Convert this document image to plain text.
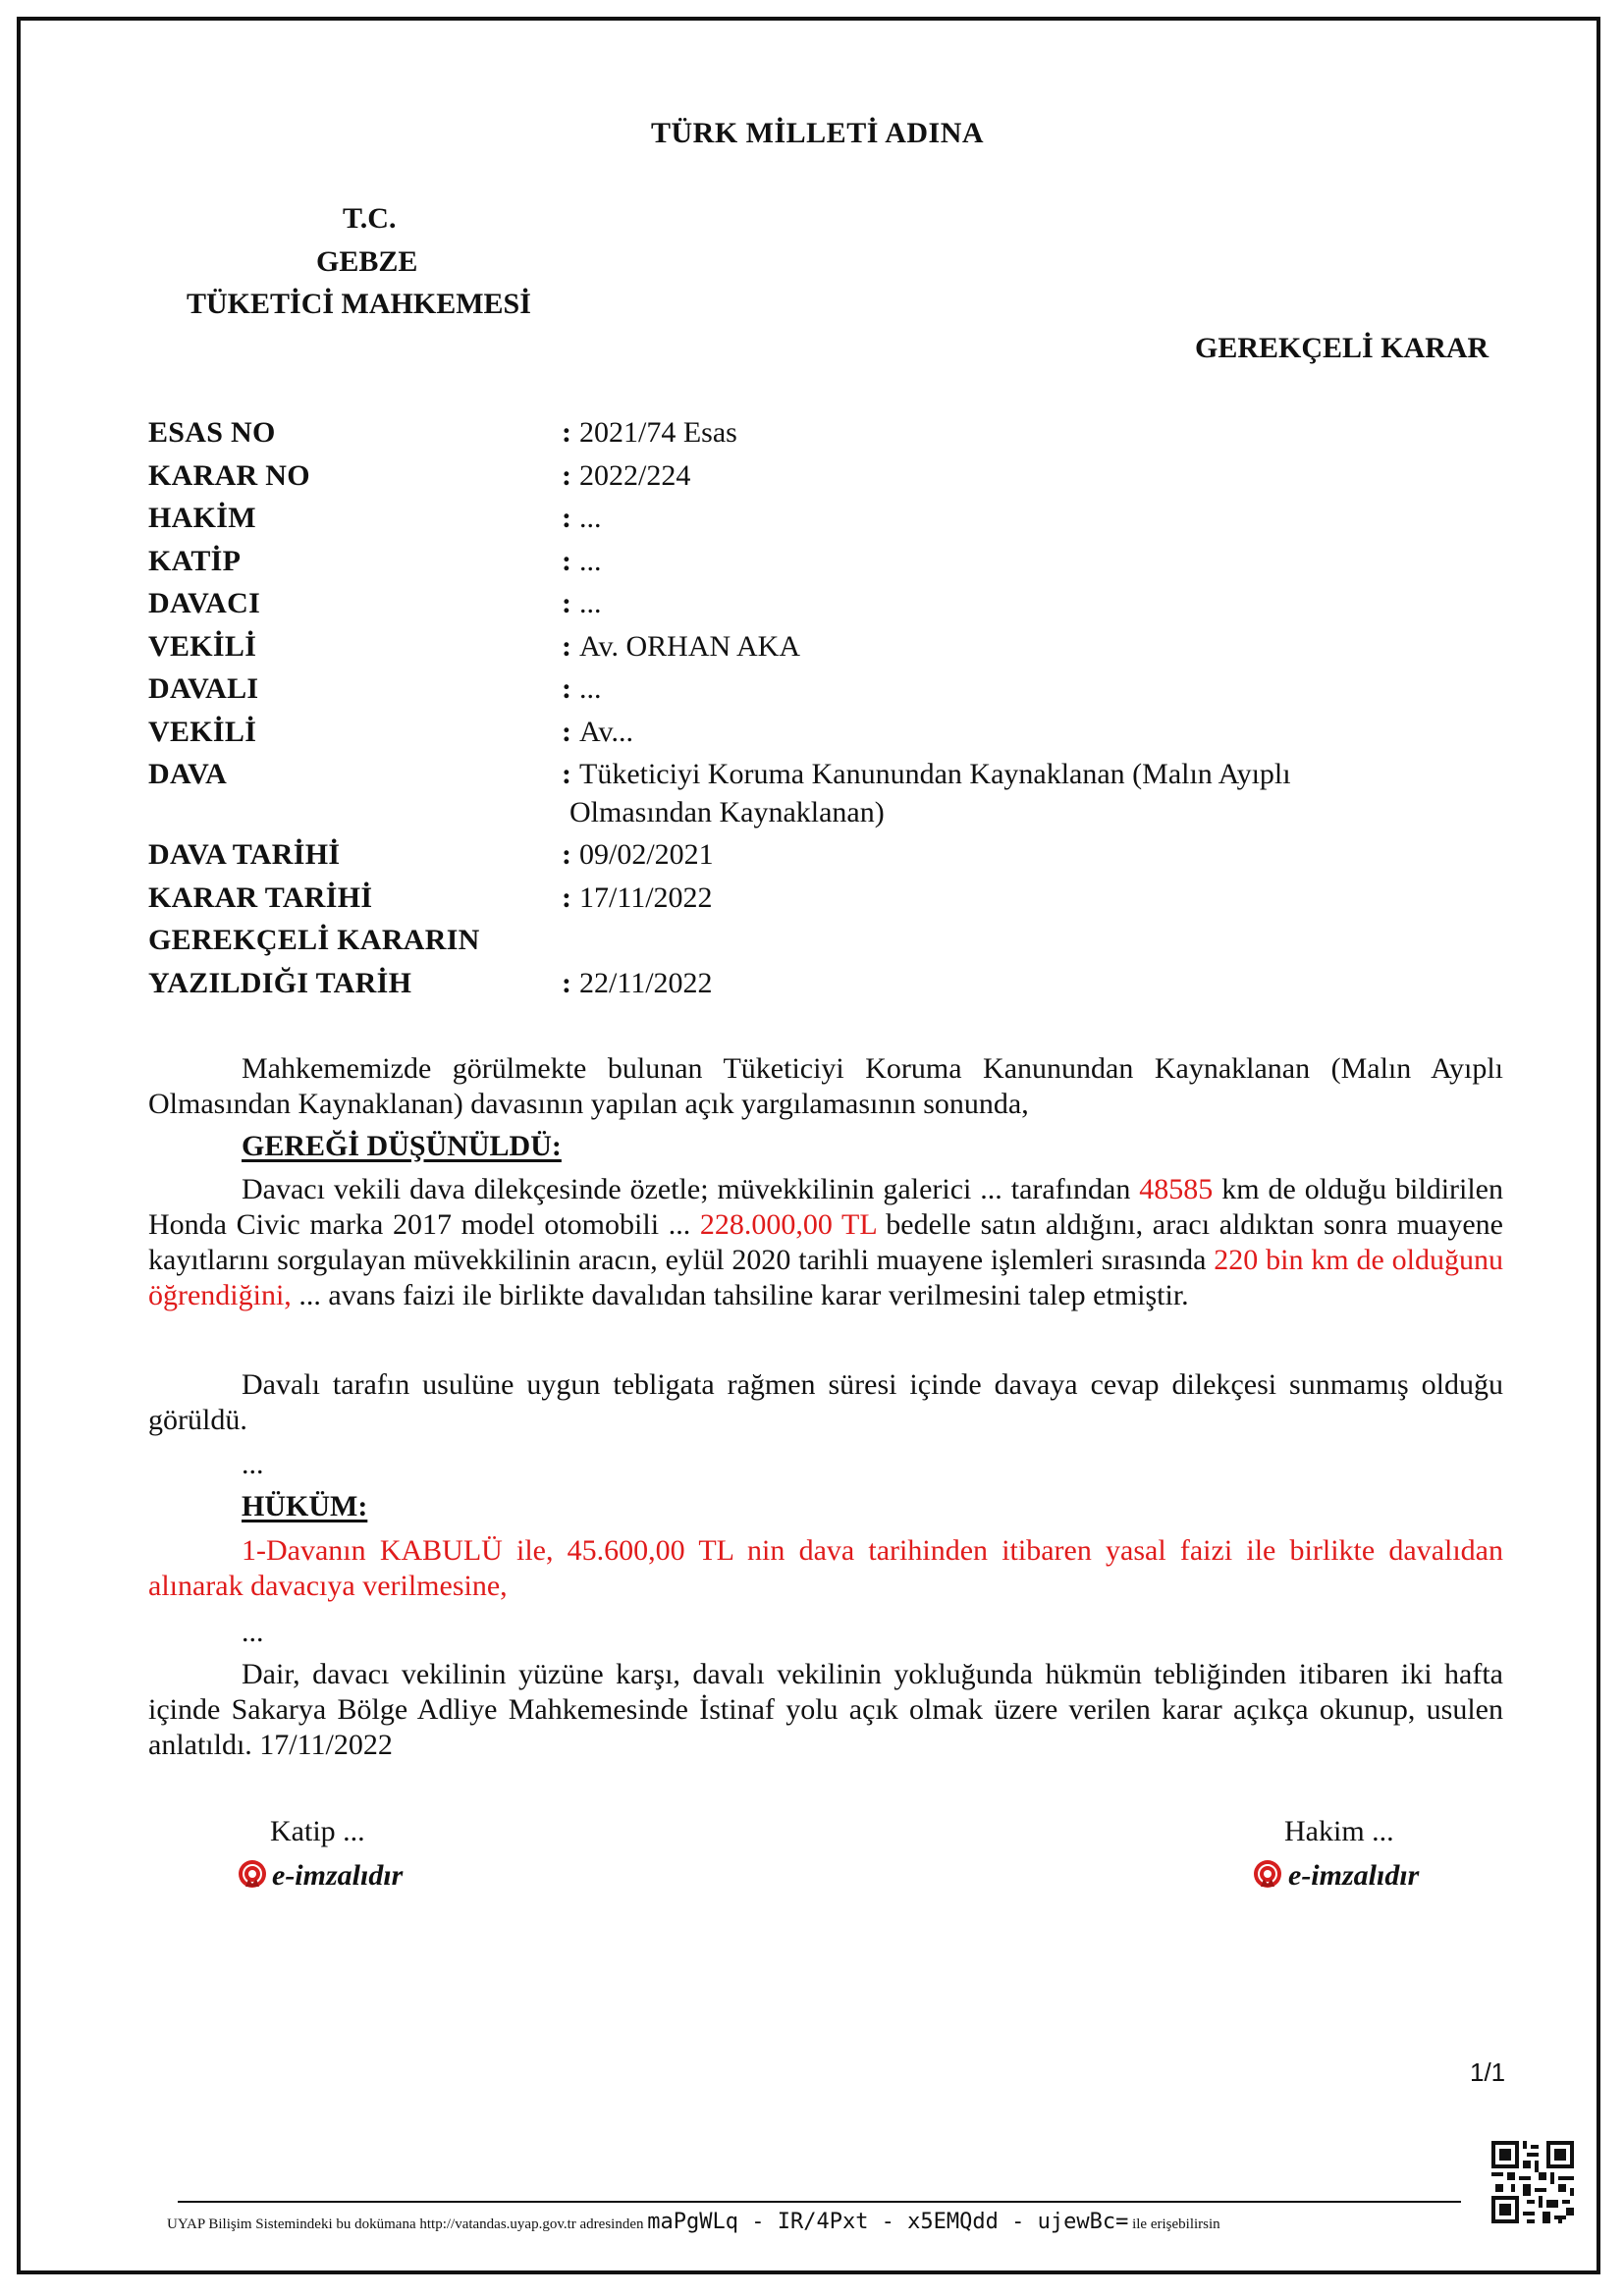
TÜRK MİLLETİ ADINA
T.C.
GEBZE
TÜKETİCİ MAHKEMESİ
GEREKÇELİ KARAR
ESAS NO	: 2021/74 Esas
KARAR NO	: 2022/224
HAKİM	: ...
KATİP	: ...
DAVACI	: ...
VEKİLİ	: Av. ORHAN AKA
DAVALI	: ...
VEKİLİ	: Av...
DAVA	: Tüketiciyi Koruma Kanunundan Kaynaklanan (Malın Ayıplı
Olmasından Kaynaklanan)
DAVA TARİHİ	: 09/02/2021
KARAR TARİHİ	: 17/11/2022
GEREKÇELİ KARARIN
YAZILDIĞI TARİH	: 22/11/2022
Mahkememizde görülmekte bulunan Tüketiciyi Koruma Kanunundan Kaynaklanan (Malın Ayıplı Olmasından Kaynaklanan) davasının yapılan açık yargılamasının sonunda,
GEREĞİ DÜŞÜNÜLDÜ:
Davacı vekili dava dilekçesinde özetle; müvekkilinin galerici ... tarafından 48585 km de olduğu bildirilen Honda Civic marka 2017 model otomobili ... 228.000,00 TL bedelle satın aldığını, aracı aldıktan sonra muayene kayıtlarını sorgulayan müvekkilinin aracın, eylül 2020 tarihli muayene işlemleri sırasında 220 bin km de olduğunu öğrendiğini, ... avans faizi ile birlikte davalıdan tahsiline karar verilmesini talep etmiştir.
Davalı tarafın usulüne uygun tebligata rağmen süresi içinde davaya cevap dilekçesi sunmamış olduğu görüldü.
...
HÜKÜM:
1-Davanın KABULÜ ile, 45.600,00 TL nin dava tarihinden itibaren yasal faizi ile birlikte davalıdan alınarak davacıya verilmesine,
...
Dair, davacı vekilinin yüzüne karşı, davalı vekilinin yokluğunda hükmün tebliğinden itibaren iki hafta içinde Sakarya Bölge Adliye Mahkemesinde İstinaf yolu açık olmak üzere verilen karar açıkça okunup, usulen anlatıldı. 17/11/2022
Katip ...
e-imzalıdır
Hakim ...
e-imzalıdır
1/1
UYAP Bilişim Sistemindeki bu dokümana http://vatandas.uyap.gov.tr adresinden maPgWLq - IR/4Pxt - x5EMQdd - ujewBc= ile erişebilirsin
